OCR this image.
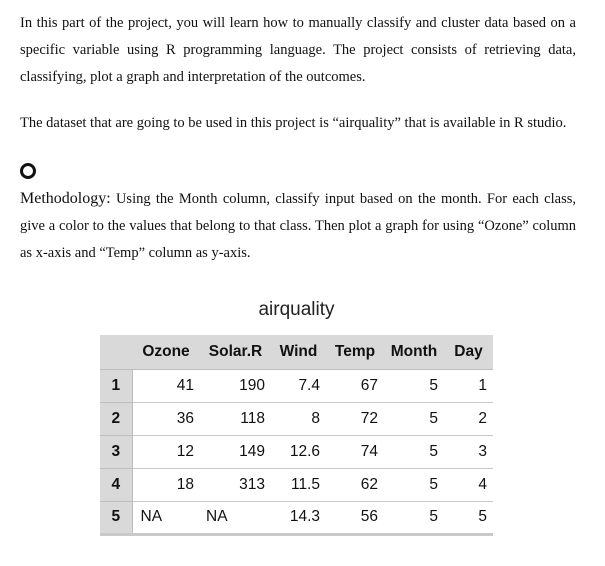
In this part of the project, you will learn how to manually classify and cluster data based on a specific variable using R programming language. The project consists of retrieving data, classifying, plot a graph and interpretation of the outcomes.

The dataset that are going to be used in this project is “airquality” that is available in R studio.

Methodology: Using the Month column, classify input based on the month. For each class, give a color to the values that belong to that class. Then plot a graph for using “Ozone” column as x-axis and “Temp” column as y-axis.

airquality
	Ozone	Solar.R	Wind	Temp	Month	Day
1	41	190	7.4	67	5	1
2	36	118	8	72	5	2
3	12	149	12.6	74	5	3
4	18	313	11.5	62	5	4
5	NA	NA	14.3	56	5	5
